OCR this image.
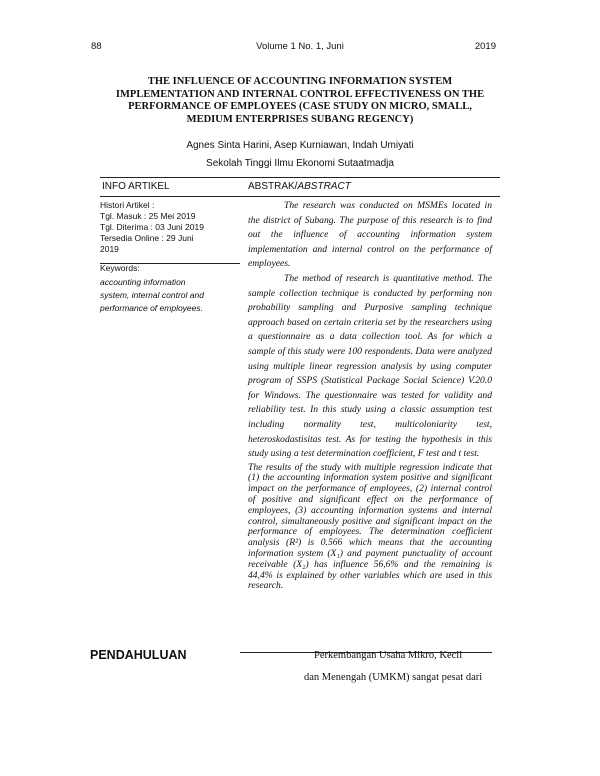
88	Volume 1 No. 1, Juni	2019
THE INFLUENCE OF ACCOUNTING INFORMATION SYSTEM
IMPLEMENTATION AND INTERNAL CONTROL EFFECTIVENESS ON THE
PERFORMANCE OF EMPLOYEES (CASE STUDY ON MICRO, SMALL,
MEDIUM ENTERPRISES SUBANG REGENCY)
Agnes Sinta Harini, Asep Kurniawan, Indah Umiyati
Sekolah Tinggi Ilmu Ekonomi Sutaatmadja
INFO ARTIKEL	ABSTRAK/ABSTRACT
Histori Artikel :
Tgl. Masuk : 25 Mei 2019
Tgl. Diterima : 03 Juni 2019
Tersedia Online : 29 Juni
2019
Keywords:
accounting information
system, internal control and
performance of employees.

The research was conducted on MSMEs located in the district of Subang. The purpose of this research is to find out the influence of accounting information system implementation and internal control on the performance of employees.

The method of research is quantitative method. The sample collection technique is conducted by performing non probability sampling and Purposive sampling technique approach based on certain criteria set by the researchers using a questionnaire as a data collection tool. As for which a sample of this study were 100 respondents. Data were analyzed using multiple linear regression analysis by using computer program of SSPS (Statistical Package Social Science) V.20.0 for Windows. The questionnaire was tested for validity and reliability test. In this study using a classic assumption test including normality test, multicoloniarity test, heteroskodastisitas test. As for testing the hypothesis in this study using a test determination coefficient, F test and t test.

The results of the study with multiple regression indicate that (1) the accounting information system positive and significant impact on the performance of employees, (2) internal control of positive and significant effect on the performance of employees, (3) accounting information systems and internal control, simultaneously positive and significant impact on the performance of employees. The determination coefficient analysis (R²) is 0.566 which means that the accounting information system (X₁) and payment punctuality of account receivable (X₂) has influence 56,6% and the remaining is 44,4% is explained by other variables which are used in this research.

PENDAHULUAN	Perkembangan Usaha Mikro, Kecil
dan Menengah (UMKM) sangat pesat dari
